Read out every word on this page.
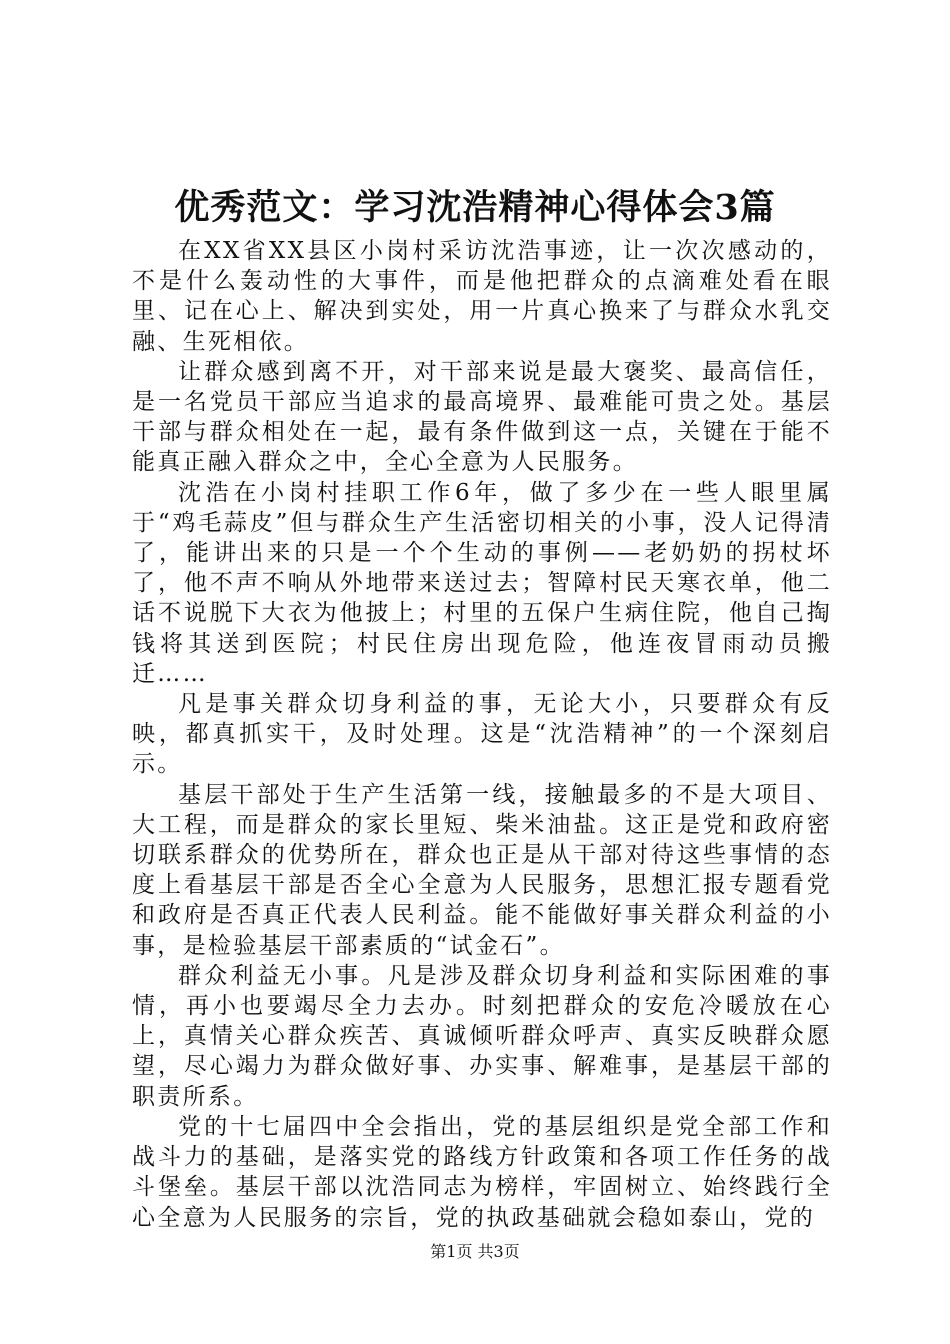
优秀范文：学习沈浩精神心得体会3篇

在XX省XX县区小岗村采访沈浩事迹，让一次次感动的，不是什么轰动性的大事件，而是他把群众的点滴难处看在眼里、记在心上、解决到实处，用一片真心换来了与群众水乳交融、生死相依。

让群众感到离不开，对干部来说是最大褒奖、最高信任，是一名党员干部应当追求的最高境界、最难能可贵之处。基层干部与群众相处在一起，最有条件做到这一点，关键在于能不能真正融入群众之中，全心全意为人民服务。

沈浩在小岗村挂职工作6年，做了多少在一些人眼里属于“鸡毛蒜皮”但与群众生产生活密切相关的小事，没人记得清了，能讲出来的只是一个个生动的事例——老奶奶的拐杖坏了，他不声不响从外地带来送过去；智障村民天寒衣单，他二话不说脱下大衣为他披上；村里的五保户生病住院，他自己掏钱将其送到医院；村民住房出现危险，他连夜冒雨动员搬迁……

凡是事关群众切身利益的事，无论大小，只要群众有反映，都真抓实干，及时处理。这是“沈浩精神”的一个深刻启示。

基层干部处于生产生活第一线，接触最多的不是大项目、大工程，而是群众的家长里短、柴米油盐。这正是党和政府密切联系群众的优势所在，群众也正是从干部对待这些事情的态度上看基层干部是否全心全意为人民服务，思想汇报专题看党和政府是否真正代表人民利益。能不能做好事关群众利益的小事，是检验基层干部素质的“试金石”。

群众利益无小事。凡是涉及群众切身利益和实际困难的事情，再小也要竭尽全力去办。时刻把群众的安危冷暖放在心上，真情关心群众疾苦、真诚倾听群众呼声、真实反映群众愿望，尽心竭力为群众做好事、办实事、解难事，是基层干部的职责所系。

党的十七届四中全会指出，党的基层组织是党全部工作和战斗力的基础，是落实党的路线方针政策和各项工作任务的战斗堡垒。基层干部以沈浩同志为榜样，牢固树立、始终践行全心全意为人民服务的宗旨，党的执政基础就会稳如泰山，党的

第1页 共3页
